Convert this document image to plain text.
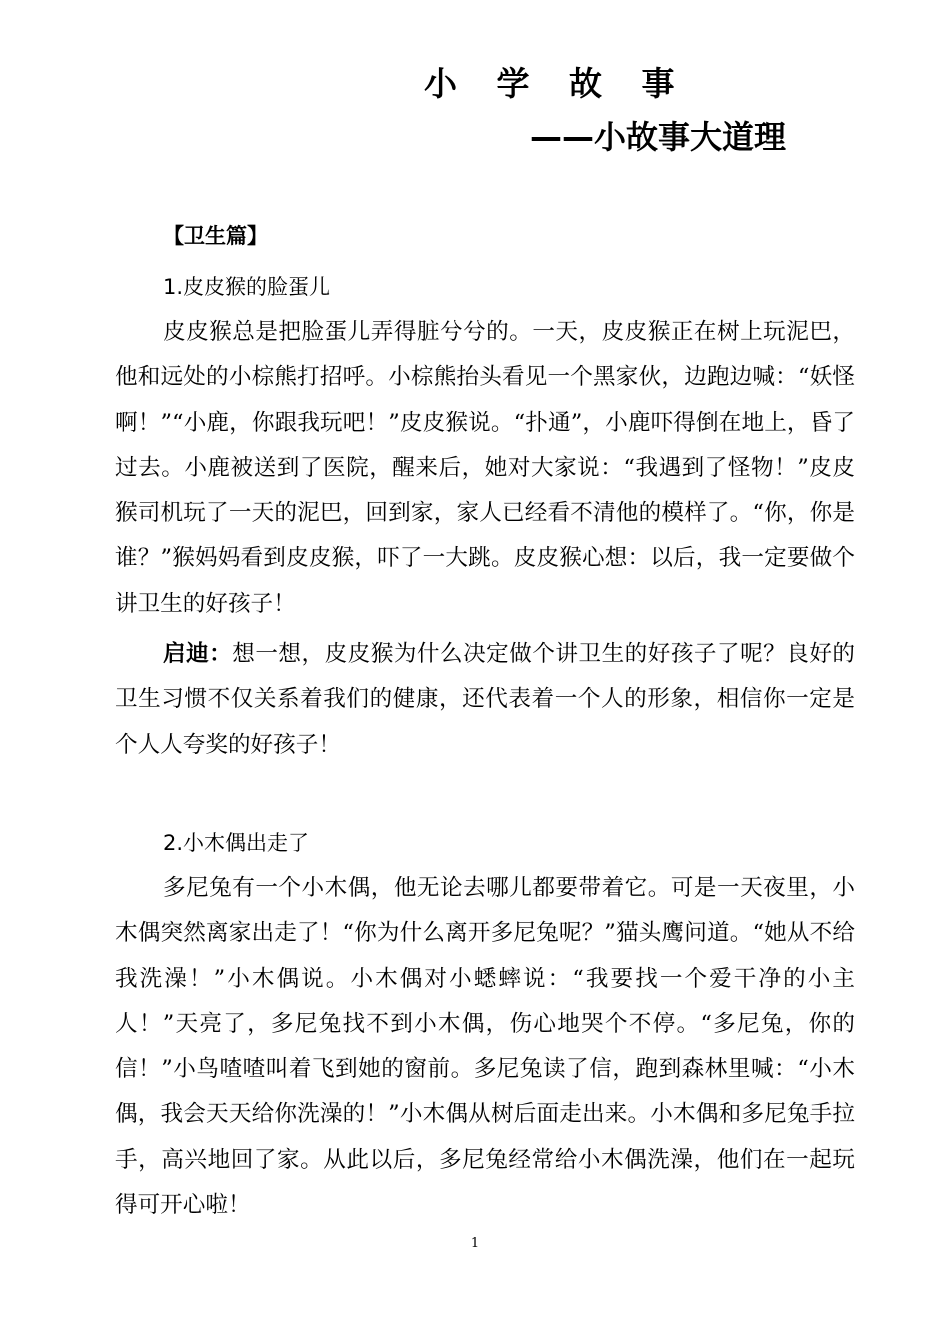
小 学 故 事
——小故事大道理
【卫生篇】
1.皮皮猴的脸蛋儿

皮皮猴总是把脸蛋儿弄得脏兮兮的。一天，皮皮猴正在树上玩泥巴，他和远处的小棕熊打招呼。小棕熊抬头看见一个黑家伙，边跑边喊：“妖怪啊！”“小鹿，你跟我玩吧！”皮皮猴说。“扑通”，小鹿吓得倒在地上，昏了过去。小鹿被送到了医院，醒来后，她对大家说：“我遇到了怪物！”皮皮猴司机玩了一天的泥巴，回到家，家人已经看不清他的模样了。“你，你是谁？”猴妈妈看到皮皮猴，吓了一大跳。皮皮猴心想：以后，我一定要做个讲卫生的好孩子！

启迪：想一想，皮皮猴为什么决定做个讲卫生的好孩子了呢？良好的卫生习惯不仅关系着我们的健康，还代表着一个人的形象，相信你一定是个人人夸奖的好孩子！

2.小木偶出走了

多尼兔有一个小木偶，他无论去哪儿都要带着它。可是一天夜里，小木偶突然离家出走了！“你为什么离开多尼兔呢？”猫头鹰问道。“她从不给我洗澡！”小木偶说。小木偶对小蟋蟀说：“我要找一个爱干净的小主人！”天亮了，多尼兔找不到小木偶，伤心地哭个不停。“多尼兔，你的信！”小鸟喳喳叫着飞到她的窗前。多尼兔读了信，跑到森林里喊：“小木偶，我会天天给你洗澡的！”小木偶从树后面走出来。小木偶和多尼兔手拉手，高兴地回了家。从此以后，多尼兔经常给小木偶洗澡，他们在一起玩得可开心啦！

1
